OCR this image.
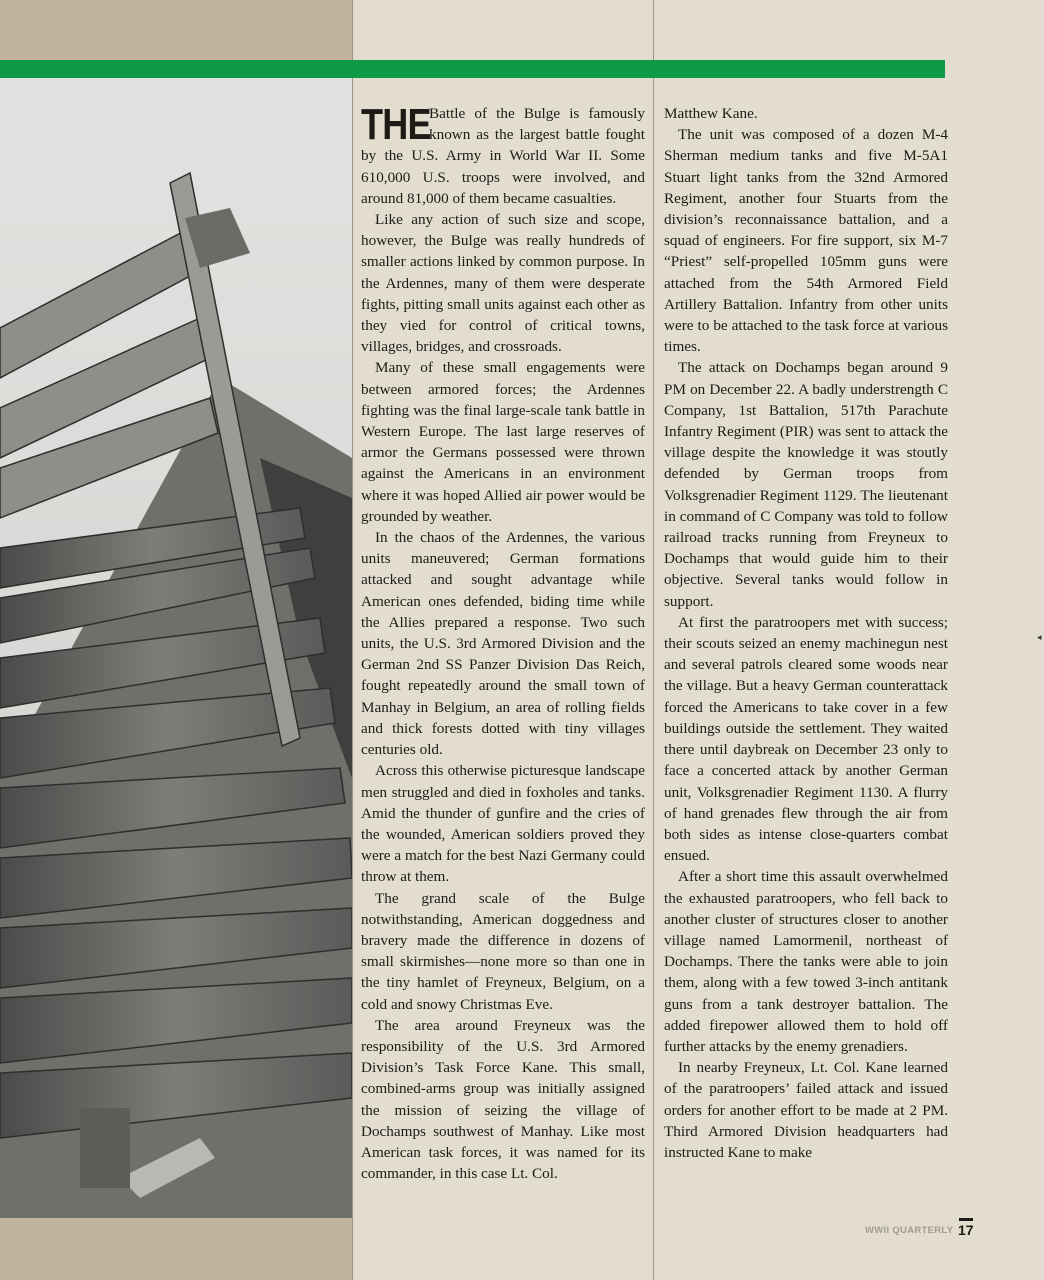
THE
Battle of the Bulge is famously known as the largest battle fought by the U.S. Army in World War II. Some 610,000 U.S. troops were involved, and around 81,000 of them became casualties.

Like any action of such size and scope, however, the Bulge was really hundreds of smaller actions linked by common purpose. In the Ardennes, many of them were desperate fights, pitting small units against each other as they vied for control of critical towns, villages, bridges, and crossroads.

Many of these small engagements were between armored forces; the Ardennes fighting was the final large-scale tank battle in Western Europe. The last large reserves of armor the Germans possessed were thrown against the Americans in an environment where it was hoped Allied air power would be grounded by weather.

In the chaos of the Ardennes, the various units maneuvered; German formations attacked and sought advantage while American ones defended, biding time while the Allies prepared a response. Two such units, the U.S. 3rd Armored Division and the German 2nd SS Panzer Division Das Reich, fought repeatedly around the small town of Manhay in Belgium, an area of rolling fields and thick forests dotted with tiny villages centuries old.

Across this otherwise picturesque landscape men struggled and died in foxholes and tanks. Amid the thunder of gunfire and the cries of the wounded, American soldiers proved they were a match for the best Nazi Germany could throw at them.

The grand scale of the Bulge notwithstanding, American doggedness and bravery made the difference in dozens of small skirmishes—none more so than one in the tiny hamlet of Freyneux, Belgium, on a cold and snowy Christmas Eve.

The area around Freyneux was the responsibility of the U.S. 3rd Armored Division’s Task Force Kane. This small, combined-arms group was initially assigned the mission of seizing the village of Dochamps southwest of Manhay. Like most American task forces, it was named for its commander, in this case Lt. Col.

Matthew Kane.

The unit was composed of a dozen M-4 Sherman medium tanks and five M-5A1 Stuart light tanks from the 32nd Armored Regiment, another four Stuarts from the division’s reconnaissance battalion, and a squad of engineers. For fire support, six M-7 “Priest” self-propelled 105mm guns were attached from the 54th Armored Field Artillery Battalion. Infantry from other units were to be attached to the task force at various times.

The attack on Dochamps began around 9 PM on December 22. A badly understrength C Company, 1st Battalion, 517th Parachute Infantry Regiment (PIR) was sent to attack the village despite the knowledge it was stoutly defended by German troops from Volksgrenadier Regiment 1129. The lieutenant in command of C Company was told to follow railroad tracks running from Freyneux to Dochamps that would guide him to their objective. Several tanks would follow in support.

At first the paratroopers met with success; their scouts seized an enemy machinegun nest and several patrols cleared some woods near the village. But a heavy German counterattack forced the Americans to take cover in a few buildings outside the settlement. They waited there until daybreak on December 23 only to face a concerted attack by another German unit, Volksgrenadier Regiment 1130. A flurry of hand grenades flew through the air from both sides as intense close-quarters combat ensued.

After a short time this assault overwhelmed the exhausted paratroopers, who fell back to another cluster of structures closer to another village named Lamormenil, northeast of Dochamps. There the tanks were able to join them, along with a few towed 3-inch antitank guns from a tank destroyer battalion. The added firepower allowed them to hold off further attacks by the enemy grenadiers.

In nearby Freyneux, Lt. Col. Kane learned of the paratroopers’ failed attack and issued orders for another effort to be made at 2 PM. Third Armored Division headquarters had instructed Kane to make

WWII QUARTERLY 17
◂
